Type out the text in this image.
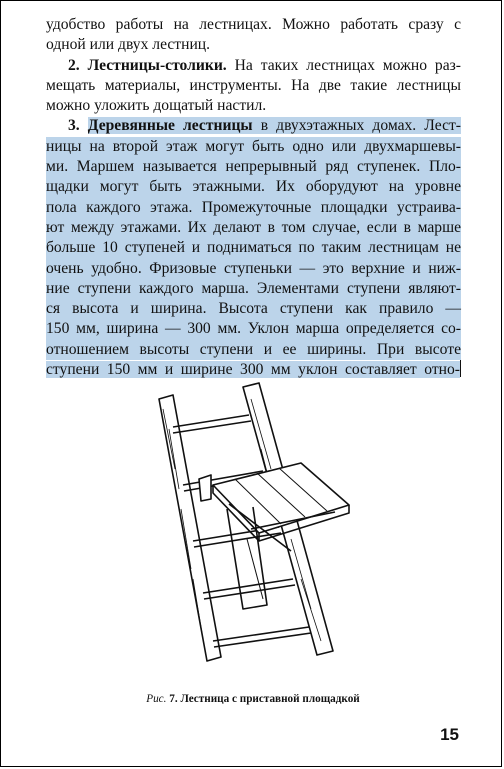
удобство работы на лестницах. Можно работать сразу с
одной или двух лестниц.
2. Лестницы-столики. На таких лестницах можно раз-
мещать материалы, инструменты. На две такие лестницы
можно уложить дощатый настил.
3. Деревянные лестницы в двухэтажных домах. Лест-
ницы на второй этаж могут быть одно или двухмаршевы-
ми. Маршем называется непрерывный ряд ступенек. Пло-
щадки могут быть этажными. Их оборудуют на уровне
пола каждого этажа. Промежуточные площадки устраива-
ют между этажами. Их делают в том случае, если в марше
больше 10 ступеней и подниматься по таким лестницам не
очень удобно. Фризовые ступеньки — это верхние и ниж-
ние ступени каждого марша. Элементами ступени являют-
ся высота и ширина. Высота ступени как правило —
150 мм, ширина — 300 мм. Уклон марша определяется со-
отношением высоты ступени и ее ширины. При высоте
ступени 150 мм и ширине 300 мм уклон составляет отно-
Рис. 7. Лестница с приставной площадкой
15
